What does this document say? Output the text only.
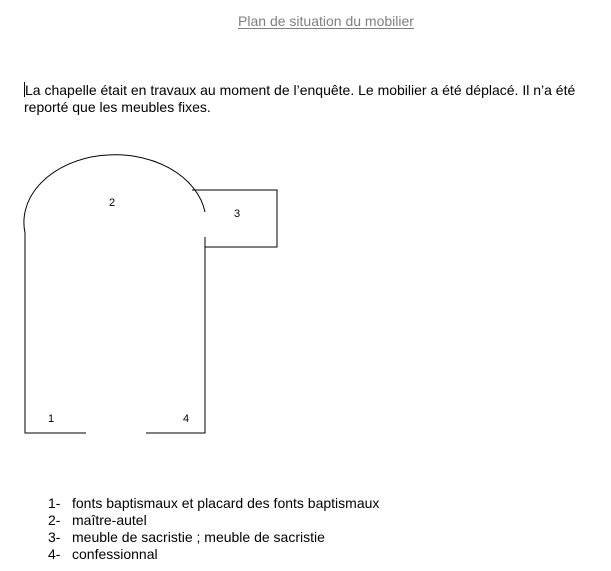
Plan de situation du mobilier
La chapelle était en travaux au moment de l’enquête. Le mobilier a été déplacé. Il n’a été
reporté que les meubles fixes.
1
2
3
4
1- fonts baptismaux et placard des fonts baptismaux
2- maître-autel
3- meuble de sacristie ; meuble de sacristie
4- confessionnal
